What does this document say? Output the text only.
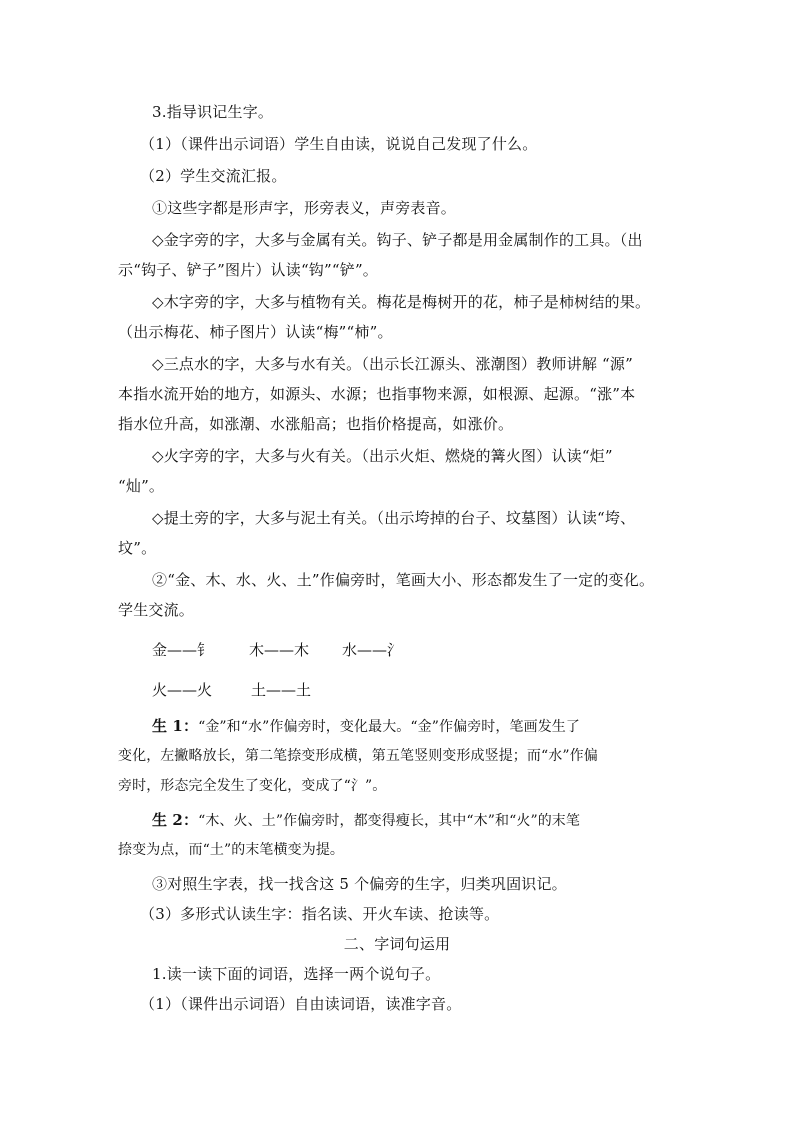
3.指导识记生字。
（1）（课件出示词语）学生自由读，说说自己发现了什么。
（2）学生交流汇报。
①这些字都是形声字，形旁表义，声旁表音。
◇金字旁的字，大多与金属有关。钩子、铲子都是用金属制作的工具。（出
示“钩子、铲子”图片）认读“钩”“铲”。
◇木字旁的字，大多与植物有关。梅花是梅树开的花，柿子是柿树结的果。
（出示梅花、柿子图片）认读“梅”“柿”。
◇三点水的字，大多与水有关。（出示长江源头、涨潮图）教师讲解 “源”
本指水流开始的地方，如源头、水源；也指事物来源，如根源、起源。“涨”本
指水位升高，如涨潮、水涨船高；也指价格提高，如涨价。
◇火字旁的字，大多与火有关。（出示火炬、燃烧的篝火图）认读“炬”
“灿”。
◇提土旁的字，大多与泥土有关。（出示垮掉的台子、坟墓图）认读“垮、
坟”。
②“金、木、水、火、土”作偏旁时，笔画大小、形态都发生了一定的变化。
学生交流。
金——钅 木——木 水——氵
火——火	土——土
生 1：“金”和“水”作偏旁时，变化最大。“金”作偏旁时，笔画发生了
变化，左撇略放长，第二笔捺变形成横，第五笔竖则变形成竖提；而“水”作偏
旁时，形态完全发生了变化，变成了“氵”。
生 2：“木、火、土”作偏旁时，都变得瘦长，其中“木”和“火”的末笔
捺变为点，而“土”的末笔横变为提。
③对照生字表，找一找含这 5 个偏旁的生字，归类巩固识记。
（3）多形式认读生字：指名读、开火车读、抢读等。
二、字词句运用
1.读一读下面的词语，选择一两个说句子。
（1）（课件出示词语）自由读词语，读准字音。
